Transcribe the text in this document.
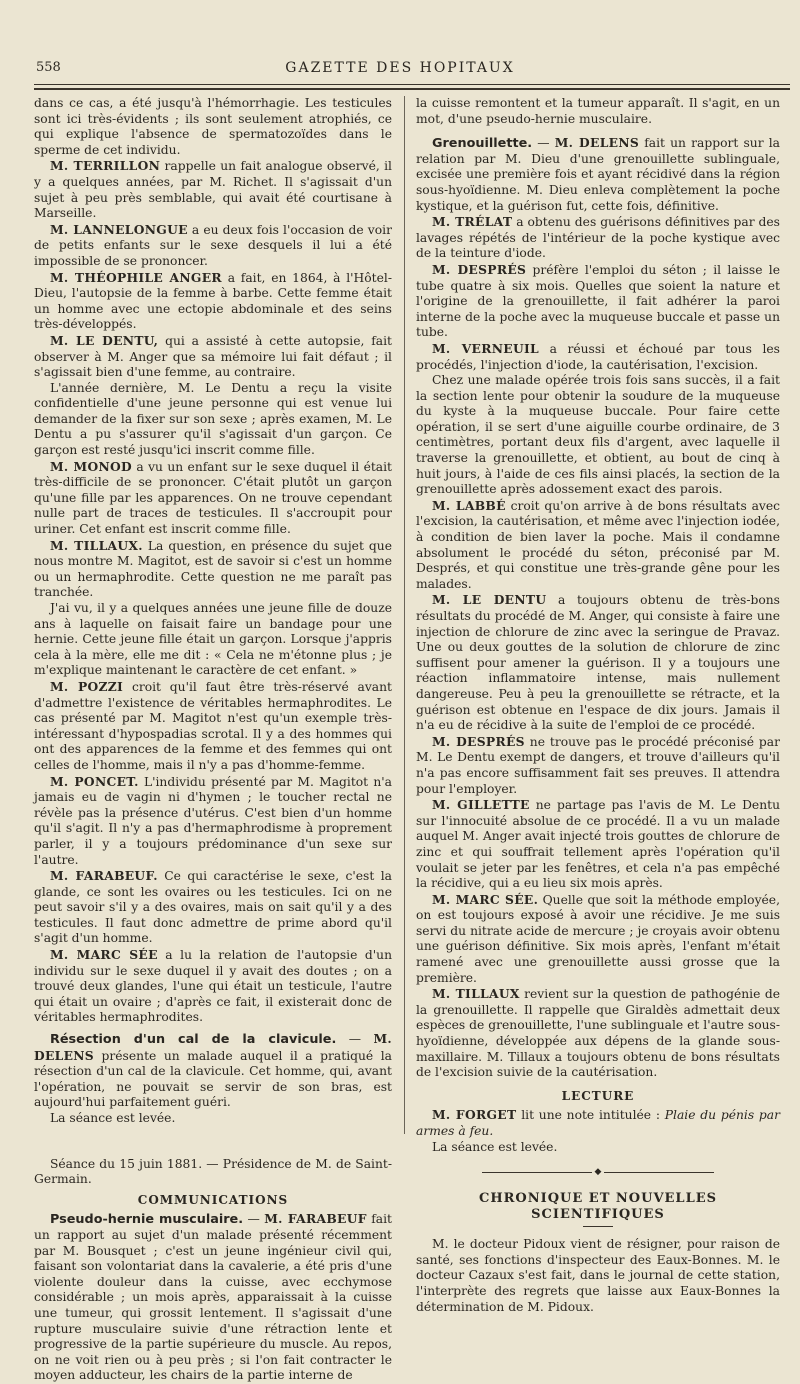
558	GAZETTE DES HOPITAUX

dans ce cas, a été jusqu'à l'hémorrhagie. Les testicules sont ici très-évidents ; ils sont seulement atrophiés, ce qui explique l'absence de spermatozoïdes dans le sperme de cet individu.

M. TERRILLON rappelle un fait analogue observé, il y a quelques années, par M. Richet. Il s'agissait d'un sujet à peu près semblable, qui avait été courtisane à Marseille.

M. LANNELONGUE a eu deux fois l'occasion de voir de petits enfants sur le sexe desquels il lui a été impossible de se prononcer.

M. THÉOPHILE ANGER a fait, en 1864, à l'Hôtel-Dieu, l'autopsie de la femme à barbe. Cette femme était un homme avec une ectopie abdominale et des seins très-développés.

M. LE DENTU, qui a assisté à cette autopsie, fait observer à M. Anger que sa mémoire lui fait défaut ; il s'agissait bien d'une femme, au contraire.

L'année dernière, M. Le Dentu a reçu la visite confidentielle d'une jeune personne qui est venue lui demander de la fixer sur son sexe ; après examen, M. Le Dentu a pu s'assurer qu'il s'agissait d'un garçon. Ce garçon est resté jusqu'ici inscrit comme fille.

M. MONOD a vu un enfant sur le sexe duquel il était très-difficile de se prononcer. C'était plutôt un garçon qu'une fille par les apparences. On ne trouve cependant nulle part de traces de testicules. Il s'accroupit pour uriner. Cet enfant est inscrit comme fille.

M. TILLAUX. La question, en présence du sujet que nous montre M. Magitot, est de savoir si c'est un homme ou un hermaphrodite. Cette question ne me paraît pas tranchée.

J'ai vu, il y a quelques années une jeune fille de douze ans à laquelle on faisait faire un bandage pour une hernie. Cette jeune fille était un garçon. Lorsque j'appris cela à la mère, elle me dit : « Cela ne m'étonne plus ; je m'explique maintenant le caractère de cet enfant. »

M. POZZI croit qu'il faut être très-réservé avant d'admettre l'existence de véritables hermaphrodites. Le cas présenté par M. Magitot n'est qu'un exemple très-intéressant d'hypospadias scrotal. Il y a des hommes qui ont des apparences de la femme et des femmes qui ont celles de l'homme, mais il n'y a pas d'homme-femme.

M. PONCET. L'individu présenté par M. Magitot n'a jamais eu de vagin ni d'hymen ; le toucher rectal ne révèle pas la présence d'utérus. C'est bien d'un homme qu'il s'agit. Il n'y a pas d'hermaphrodisme à proprement parler, il y a toujours prédominance d'un sexe sur l'autre.

M. FARABEUF. Ce qui caractérise le sexe, c'est la glande, ce sont les ovaires ou les testicules. Ici on ne peut savoir s'il y a des ovaires, mais on sait qu'il y a des testicules. Il faut donc admettre de prime abord qu'il s'agit d'un homme.

M. MARC SÉE a lu la relation de l'autopsie d'un individu sur le sexe duquel il y avait des doutes ; on a trouvé deux glandes, l'une qui était un testicule, l'autre qui était un ovaire ; d'après ce fait, il existerait donc de véritables hermaphrodites.

Résection d'un cal de la clavicule. — M. DELENS présente un malade auquel il a pratiqué la résection d'un cal de la clavicule. Cet homme, qui, avant l'opération, ne pouvait se servir de son bras, est aujourd'hui parfaitement guéri.

La séance est levée.

Séance du 15 juin 1881. — Présidence de M. de Saint-Germain.

COMMUNICATIONS

Pseudo-hernie musculaire. — M. FARABEUF fait un rapport au sujet d'un malade présenté récemment par M. Bousquet ; c'est un jeune ingénieur civil qui, faisant son volontariat dans la cavalerie, a été pris d'une violente douleur dans la cuisse, avec ecchymose considérable ; un mois après, apparaissait à la cuisse une tumeur, qui grossit lentement. Il s'agissait d'une rupture musculaire suivie d'une rétraction lente et progressive de la partie supérieure du muscle. Au repos, on ne voit rien ou à peu près ; si l'on fait contracter le moyen adducteur, les chairs de la partie interne de

la cuisse remontent et la tumeur apparaît. Il s'agit, en un mot, d'une pseudo-hernie musculaire.

Grenouillette. — M. DELENS fait un rapport sur la relation par M. Dieu d'une grenouillette sublinguale, excisée une première fois et ayant récidivé dans la région sous-hyoïdienne. M. Dieu enleva complètement la poche kystique, et la guérison fut, cette fois, définitive.

M. TRÉLAT a obtenu des guérisons définitives par des lavages répétés de l'intérieur de la poche kystique avec de la teinture d'iode.

M. DESPRÉS préfère l'emploi du séton ; il laisse le tube quatre à six mois. Quelles que soient la nature et l'origine de la grenouillette, il fait adhérer la paroi interne de la poche avec la muqueuse buccale et passe un tube.

M. VERNEUIL a réussi et échoué par tous les procédés, l'injection d'iode, la cautérisation, l'excision.

Chez une malade opérée trois fois sans succès, il a fait la section lente pour obtenir la soudure de la muqueuse du kyste à la muqueuse buccale. Pour faire cette opération, il se sert d'une aiguille courbe ordinaire, de 3 centimètres, portant deux fils d'argent, avec laquelle il traverse la grenouillette, et obtient, au bout de cinq à huit jours, à l'aide de ces fils ainsi placés, la section de la grenouillette après adossement exact des parois.

M. LABBÉ croit qu'on arrive à de bons résultats avec l'excision, la cautérisation, et même avec l'injection iodée, à condition de bien laver la poche. Mais il condamne absolument le procédé du séton, préconisé par M. Després, et qui constitue une très-grande gêne pour les malades.

M. LE DENTU a toujours obtenu de très-bons résultats du procédé de M. Anger, qui consiste à faire une injection de chlorure de zinc avec la seringue de Pravaz. Une ou deux gouttes de la solution de chlorure de zinc suffisent pour amener la guérison. Il y a toujours une réaction inflammatoire intense, mais nullement dangereuse. Peu à peu la grenouillette se rétracte, et la guérison est obtenue en l'espace de dix jours. Jamais il n'a eu de récidive à la suite de l'emploi de ce procédé.

M. DESPRÉS ne trouve pas le procédé préconisé par M. Le Dentu exempt de dangers, et trouve d'ailleurs qu'il n'a pas encore suffisamment fait ses preuves. Il attendra pour l'employer.

M. GILLETTE ne partage pas l'avis de M. Le Dentu sur l'innocuité absolue de ce procédé. Il a vu un malade auquel M. Anger avait injecté trois gouttes de chlorure de zinc et qui souffrait tellement après l'opération qu'il voulait se jeter par les fenêtres, et cela n'a pas empêché la récidive, qui a eu lieu six mois après.

M. MARC SÉE. Quelle que soit la méthode employée, on est toujours exposé à avoir une récidive. Je me suis servi du nitrate acide de mercure ; je croyais avoir obtenu une guérison définitive. Six mois après, l'enfant m'était ramené avec une grenouillette aussi grosse que la première.

M. TILLAUX revient sur la question de pathogénie de la grenouillette. Il rappelle que Giraldès admettait deux espèces de grenouillette, l'une sublinguale et l'autre sous-hyoïdienne, développée aux dépens de la glande sous-maxillaire. M. Tillaux a toujours obtenu de bons résultats de l'excision suivie de la cautérisation.

LECTURE

M. FORGET lit une note intitulée : Plaie du pénis par armes à feu.

La séance est levée.

◆
CHRONIQUE ET NOUVELLES SCIENTIFIQUES

M. le docteur Pidoux vient de résigner, pour raison de santé, ses fonctions d'inspecteur des Eaux-Bonnes. M. le docteur Cazaux s'est fait, dans le journal de cette station, l'interprète des regrets que laisse aux Eaux-Bonnes la détermination de M. Pidoux.
